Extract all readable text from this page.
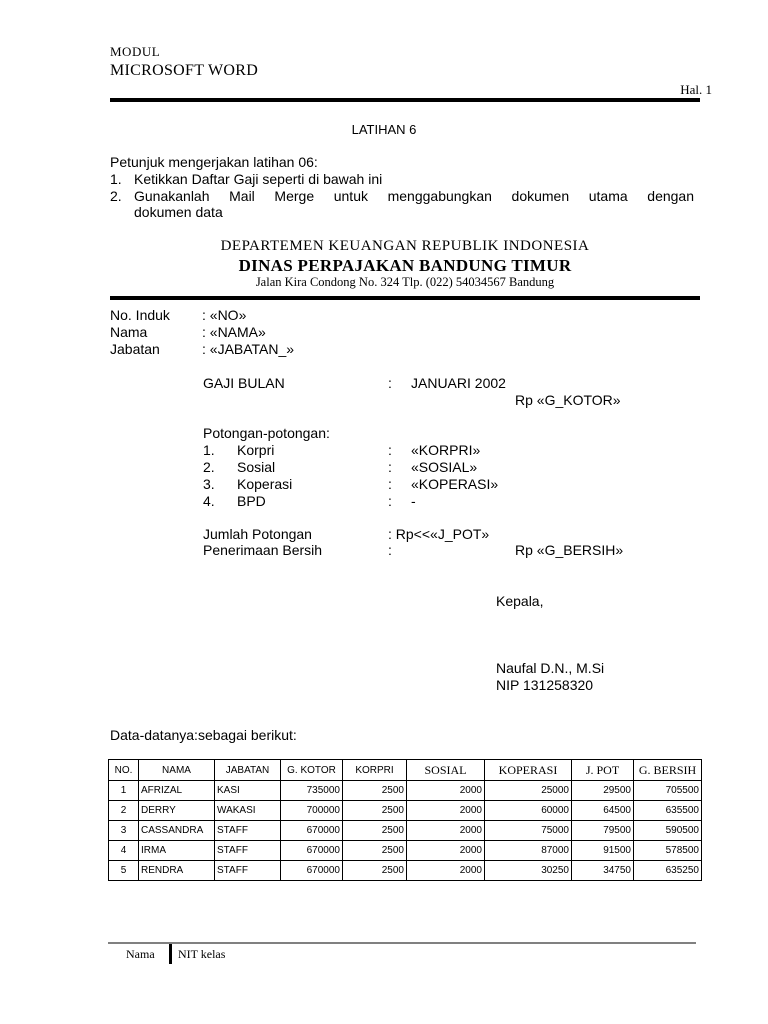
MODUL
MICROSOFT WORD
Hal. 1
LATIHAN 6
Petunjuk mengerjakan latihan 06:
1. Ketikkan Daftar Gaji seperti di bawah ini
2. Gunakanlah Mail Merge untuk menggabungkan dokumen utama dengan
dokumen data
DEPARTEMEN KEUANGAN REPUBLIK INDONESIA
DINAS PERPAJAKAN BANDUNG TIMUR
Jalan Kira Condong No. 324 Tlp. (022) 54034567 Bandung
No. Induk : «NO»
Nama	: «NAMA»
Jabatan	: «JABATAN_»
GAJI BULAN	: JANUARI 2002
Rp «G_KOTOR»
Potongan-potongan:
1. Korpri	: «KORPRI»
2. Sosial	: «SOSIAL»
3. Koperasi	: «KOPERASI»
4. BPD	: -
Jumlah Potongan	: Rp<<«J_POT»
Penerimaan Bersih	:	Rp «G_BERSIH»
Kepala,
Naufal D.N., M.Si
NIP 131258320
Data-datanya:sebagai berikut:
NO.	NAMA	JABATAN	G. KOTOR	KORPRI	SOSIAL	KOPERASI	J. POT	G. BERSIH
1	AFRIZAL	KASI	735000	2500	2000	25000	29500	705500
2	DERRY	WAKASI	700000	2500	2000	60000	64500	635500
3	CASSANDRA	STAFF	670000	2500	2000	75000	79500	590500
4	IRMA	STAFF	670000	2500	2000	87000	91500	578500
5	RENDRA	STAFF	670000	2500	2000	30250	34750	635250
Nama NIT kelas
